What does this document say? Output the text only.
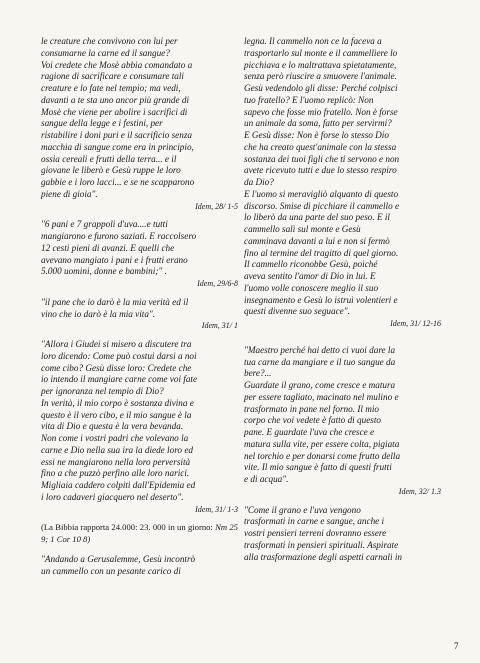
le creature che convivono con lui per

consumarne la carne ed il sangue?

Voi credete che Mosè abbia comandato a

ragione di sacrificare e consumare tali

creature e lo fate nel tempio; ma vedi,

davanti a te sta uno ancor più grande di

Mosè che viene per abolire i sacrifici di

sangue della legge e i festini, per

ristabilire i doni puri e il sacrificio senza

macchia di sangue come era in principio,

ossia cereali e frutti della terra... e il

giovane le liberò e Gesù ruppe le loro

gabbie e i loro lacci... e se ne scapparono

piene di gioia".

Idem, 28/ 1-5

"6 pani e 7 grappoli d'uva....e tutti

mangiarono e furono saziati. E raccolsero

12 cesti pieni di avanzi. E quelli che

avevano mangiato i pani e i frutti erano

5.000 uomini, donne e bambini;" .

Idem, 29/6-8

"il pane che io darò è la mia verità ed il

vino che io darò è la mia vita".

Idem, 31/ 1

"Allora i Giudei si misero a discutere tra

loro dicendo: Come può costui darsi a noi

come cibo? Gesù disse loro: Credete che

io intendo il mangiare carne come voi fate

per ignoranza nel tempio di Dio?

In verità, il mio corpo è sostanza divina e

questo è il vero cibo, e il mio sangue è la

vita di Dio e questa è la vera bevanda.

Non come i vostri padri che volevano la

carne e Dio nella sua ira la diede loro ed

essi ne mangiarono nella loro perversità

fino a che puzzò perfino alle loro narici.

Migliaia caddero colpiti dall'Epidemia ed

i loro cadaveri giacquero nel deserto".

Idem, 31/ 1-3

(La Bibbia rapporta 24.000: 23. 000 in un giorno: Nm 25 9; 1 Cor 10 8)

"Andando a Gerusalemme, Gesù incontrò

un cammello con un pesante carico di

legna. Il cammello non ce la faceva a

trasportarlo sul monte e il cammelliere lo

picchiava e lo maltrattava spietatamente,

senza però riuscire a smuovere l'animale.

Gesù vedendolo gli disse: Perché colpisci

tuo fratello? E l'uomo replicò: Non

sapevo che fosse mio fratello. Non è forse

un animale da soma, fatto per servirmi?

E Gesù disse: Non è forse lo stesso Dio

che ha creato quest'animale con la stessa

sostanza dei tuoi figli che ti servono e non

avete ricevuto tutti e due lo stesso respiro

da Dio?

E l'uomo si meravigliò alquanto di questo

discorso. Smise di picchiare il cammello e

lo liberò da una parte del suo peso. E il

cammello salì sul monte e Gesù

camminava davanti a lui e non si fermò

fino al termine del tragitto di quel giorno.

Il cammello riconobbe Gesù, poiché

aveva sentito l'amor di Dio in lui. E

l'uomo volle conoscere meglio il suo

insegnamento e Gesù lo istruì volentieri e

questi divenne suo seguace".

Idem, 31/ 12-16

"Maestro perché hai detto ci vuoi dare la

tua carne da mangiare e il tuo sangue da

bere?...

Guardate il grano, come cresce e matura

per essere tagliato, macinato nel mulino e

trasformato in pane nel forno. Il mio

corpo che voi vedete è fatto di questo

pane. E guardate l'uva che cresce e

matura sulla vite, per essere colta, pigiata

nel torchio e per donarsi come frutto della

vite. Il mio sangue è fatto di questi frutti

e di acqua".

Idem, 32/ 1.3

"Come il grano e l'uva vengono

trasformati in carne e sangue, anche i

vostri pensieri terreni dovranno essere

trasformati in pensieri spirituali. Aspirate

alla trasformazione degli aspetti carnali in

7
